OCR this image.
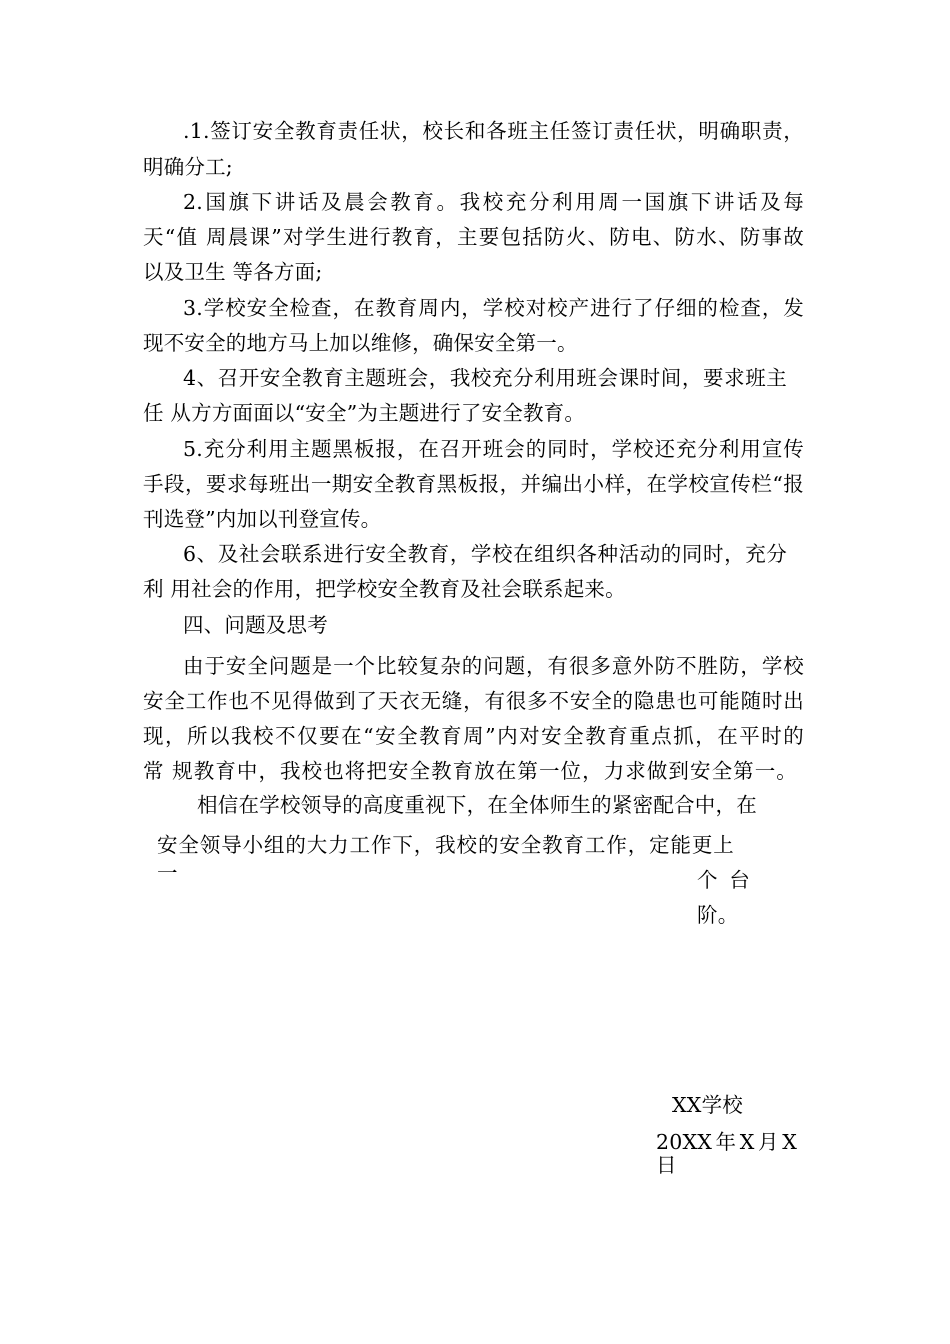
.1.签订安全教育责任状，校长和各班主任签订责任状，明确职责，
明确分工;
2.国旗下讲话及晨会教育。我校充分利用周一国旗下讲话及每
天“值 周晨课”对学生进行教育，主要包括防火、防电、防水、防事故
以及卫生 等各方面;
3.学校安全检查，在教育周内，学校对校产进行了仔细的检查，发
现不安全的地方马上加以维修，确保安全第一。
4、召开安全教育主题班会，我校充分利用班会课时间，要求班主
任 从方方面面以“安全”为主题进行了安全教育。
5.充分利用主题黑板报，在召开班会的同时，学校还充分利用宣传
手段，要求每班出一期安全教育黑板报，并编出小样，在学校宣传栏“报
刊选登”内加以刊登宣传。
6、及社会联系进行安全教育，学校在组织各种活动的同时，充分
利 用社会的作用，把学校安全教育及社会联系起来。
四、问题及思考
由于安全问题是一个比较复杂的问题，有很多意外防不胜防，学校
安全工作也不见得做到了天衣无缝，有很多不安全的隐患也可能随时出
现，所以我校不仅要在“安全教育周”内对安全教育重点抓，在平时的
常 规教育中，我校也将把安全教育放在第一位，力求做到安全第一。
相信在学校领导的高度重视下，在全体师生的紧密配合中，在
安全领导小组的大力工作下，我校的安全教育工作，定能更上一	个 台
阶。
XX学校
20XX年X月X
日
